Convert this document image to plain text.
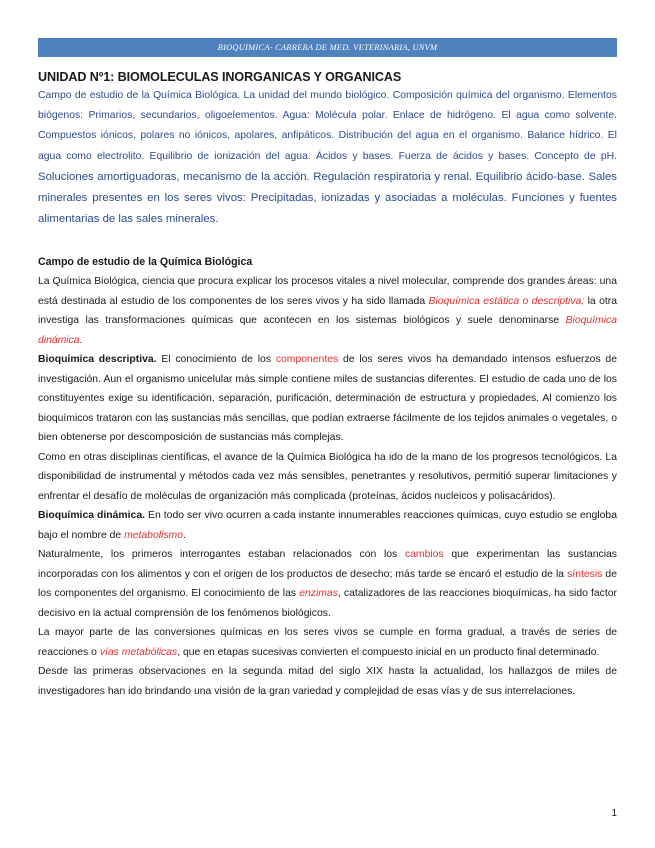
BIOQUIMICA- CARRERA DE MED. VETERINARIA, UNVM
UNIDAD Nº1: BIOMOLECULAS INORGANICAS Y ORGANICAS

Campo de estudio de la Química Biológica. La unidad del mundo biológico. Composición química del organismo. Elementos biógenos: Primarios, secundarios, oligoelementos. Agua: Molécula polar. Enlace de hidrógeno. El agua como solvente. Compuestos iónicos, polares no iónicos, apolares, anfipáticos. Distribución del agua en el organismo. Balance hídrico. El agua como electrolito. Equilibrio de ionización del agua. Ácidos y bases. Fuerza de ácidos y bases. Concepto de pH. Soluciones amortiguadoras, mecanismo de la acción. Regulación respiratoria y renal. Equilibrio ácido-base. Sales minerales presentes en los seres vivos: Precipitadas, ionizadas y asociadas a moléculas. Funciones y fuentes alimentarias de las sales minerales.

Campo de estudio de la Química Biológica

La Química Biológica, ciencia que procura explicar los procesos vitales a nivel molecular, comprende dos grandes áreas: una está destinada al estudio de los componentes de los seres vivos y ha sido llamada Bioquímica estática o descriptiva; la otra investiga las transformaciones químicas que acontecen en los sistemas biológicos y suele denominarse Bioquímica dinámica.

Bioquímica descriptiva. El conocimiento de los componentes de los seres vivos ha demandado intensos esfuerzos de investigación. Aun el organismo unicelular más simple contiene miles de sustancias diferentes. El estudio de cada uno de los constituyentes exige su identificación, separación, purificación, determinación de estructura y propiedades. Al comienzo los bioquímicos trataron con las sustancias más sencillas, que podían extraerse fácilmente de los tejidos animales o vegetales, o bien obtenerse por descomposición de sustancias más complejas.

Como en otras disciplinas científicas, el avance de la Química Biológica ha ido de la mano de los progresos tecnológicos. La disponibilidad de instrumental y métodos cada vez más sensibles, penetrantes y resolutivos, permitió superar limitaciones y enfrentar el desafío de moléculas de organización más complicada (proteínas, ácidos nucleicos y polisacáridos).

Bioquímica dinámica. En todo ser vivo ocurren a cada instante innumerables reacciones químicas, cuyo estudio se engloba bajo el nombre de metabolismo.

Naturalmente, los primeros interrogantes estaban relacionados con los cambios que experimentan las sustancias incorporadas con los alimentos y con el origen de los productos de desecho; más tarde se encaró el estudio de la síntesis de los componentes del organismo. El conocimiento de las enzimas, catalizadores de las reacciones bioquímicas, ha sido factor decisivo en la actual comprensión de los fenómenos biológicos.

La mayor parte de las conversiones químicas en los seres vivos se cumple en forma gradual, a través de series de reacciones o vías metabólicas, que en etapas sucesivas convierten el compuesto inicial en un producto final determinado.

Desde las primeras observaciones en la segunda mitad del siglo XIX hasta la actualidad, los hallazgos de miles de investigadores han ido brindando una visión de la gran variedad y complejidad de esas vías y de sus interrelaciones.

1
